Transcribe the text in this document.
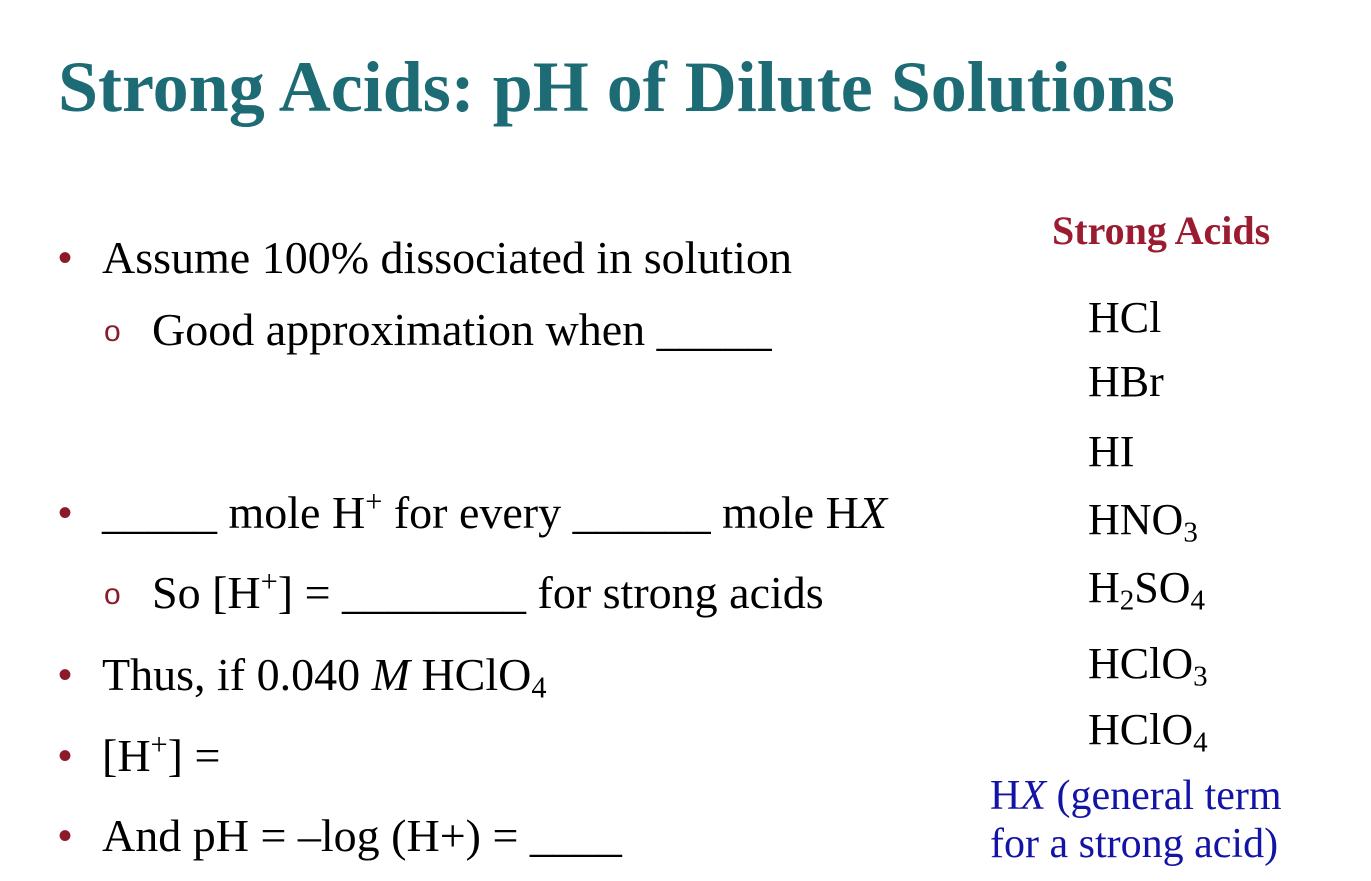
Strong Acids: pH of Dilute Solutions
• Assume 100% dissociated in solution
o Good approximation when _____
• _____ mole H+ for every ______ mole HX
o So [H+] = ________ for strong acids
• Thus, if 0.040 M HClO$_4$
• [H+] =
• And pH = –log (H+) = ____
Strong Acids
HCl
HBr
HI
$HNO_3$
$H_2SO_4$
HClO$_3$
HClO$_4$
HX (general term
for a strong acid)
